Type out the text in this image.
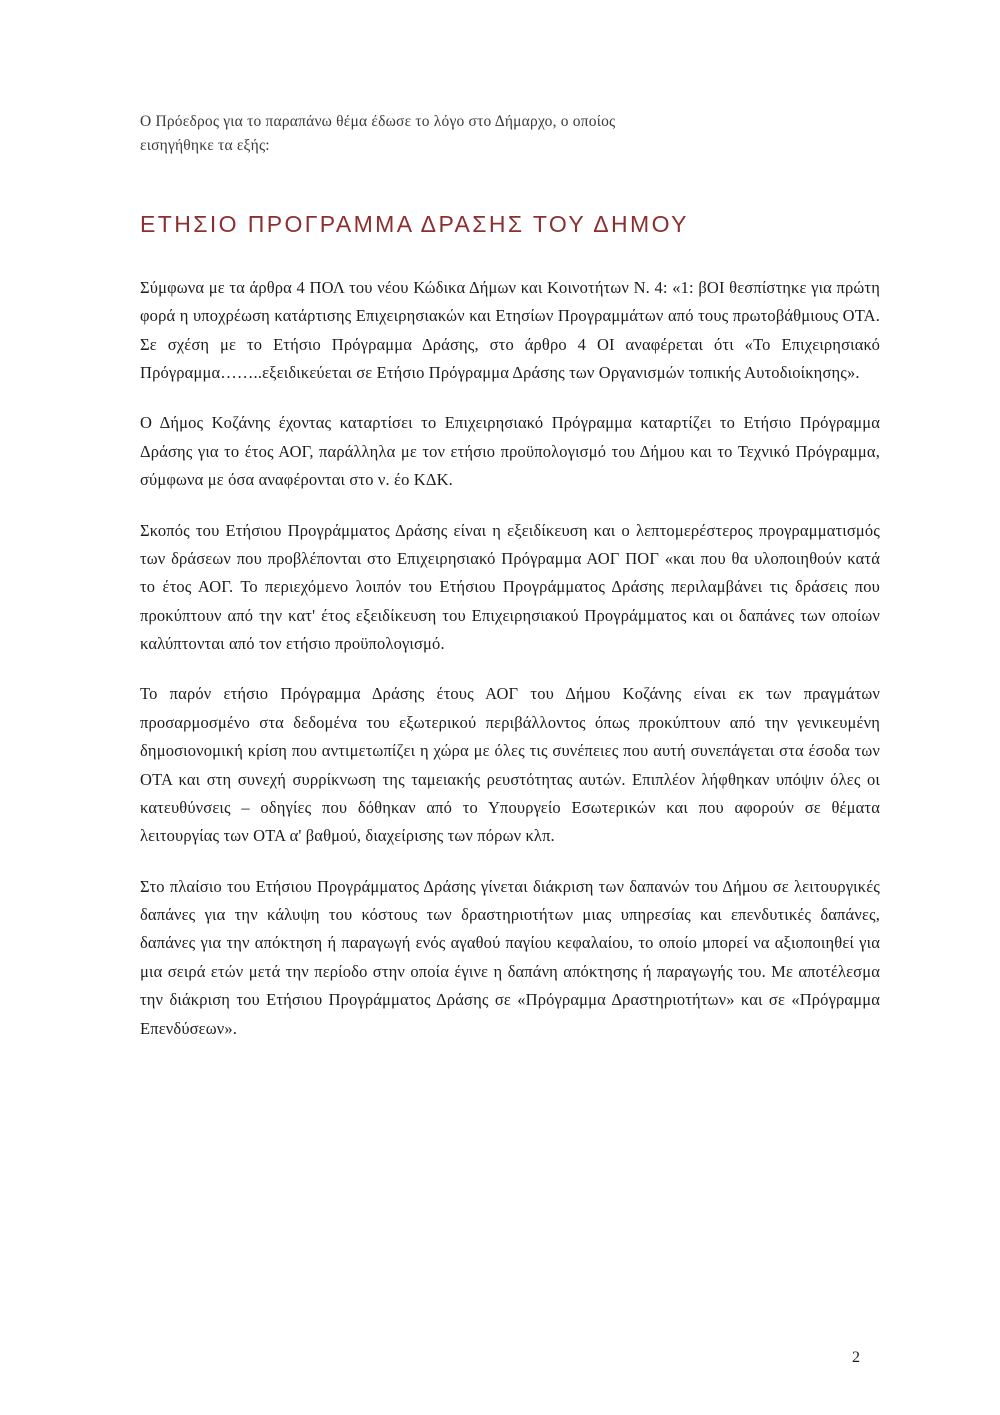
Ο Πρόεδρος για το παραπάνω θέμα έδωσε το λόγο στο Δήμαρχο, ο οποίος
εισηγήθηκε τα εξής:
ΕΤΗΣΙΟ ΠΡΟΓΡΑΜΜΑ ΔΡΑΣΗΣ ΤΟΥ ΔΗΜΟΥ

Σύμφωνα με τα άρθρα 4 ΠΟΛ του νέου Κώδικα Δήμων και Κοινοτήτων Ν. 4: «1: βΟΙ θεσπίστηκε για πρώτη φορά η υποχρέωση κατάρτισης Επιχειρησιακών και Ετησίων Προγραμμάτων από τους πρωτοβάθμιους ΟΤΑ. Σε σχέση με το Ετήσιο Πρόγραμμα Δράσης, στο άρθρο 4 ΟΙ αναφέρεται ότι «Το Επιχειρησιακό Πρόγραμμα……..εξειδικεύεται σε Ετήσιο Πρόγραμμα Δράσης των Οργανισμών τοπικής Αυτοδιοίκησης».

Ο Δήμος Κοζάνης έχοντας καταρτίσει το Επιχειρησιακό Πρόγραμμα καταρτίζει το Ετήσιο Πρόγραμμα Δράσης για το έτος ΑΟΓ, παράλληλα με τον ετήσιο προϋπολογισμό του Δήμου και το Τεχνικό Πρόγραμμα, σύμφωνα με όσα αναφέρονται στο ν. έο ΚΔΚ.

Σκοπός του Ετήσιου Προγράμματος Δράσης είναι η εξειδίκευση και ο λεπτομερέστερος προγραμματισμός των δράσεων που προβλέπονται στο Επιχειρησιακό Πρόγραμμα ΑΟΓ ΠΟΓ «και που θα υλοποιηθούν κατά το έτος ΑΟΓ. Το περιεχόμενο λοιπόν του Ετήσιου Προγράμματος Δράσης περιλαμβάνει τις δράσεις που προκύπτουν από την κατ' έτος εξειδίκευση του Επιχειρησιακού Προγράμματος και οι δαπάνες των οποίων καλύπτονται από τον ετήσιο προϋπολογισμό.

Το παρόν ετήσιο Πρόγραμμα Δράσης έτους ΑΟΓ του Δήμου Κοζάνης είναι εκ των πραγμάτων προσαρμοσμένο στα δεδομένα του εξωτερικού περιβάλλοντος όπως προκύπτουν από την γενικευμένη δημοσιονομική κρίση που αντιμετωπίζει η χώρα με όλες τις συνέπειες που αυτή συνεπάγεται στα έσοδα των ΟΤΑ και στη συνεχή συρρίκνωση της ταμειακής ρευστότητας αυτών. Επιπλέον λήφθηκαν υπόψιν όλες οι κατευθύνσεις – οδηγίες που δόθηκαν από το Υπουργείο Εσωτερικών και που αφορούν σε θέματα λειτουργίας των ΟΤΑ α' βαθμού, διαχείρισης των πόρων κλπ.

Στο πλαίσιο του Ετήσιου Προγράμματος Δράσης γίνεται διάκριση των δαπανών του Δήμου σε λειτουργικές δαπάνες για την κάλυψη του κόστους των δραστηριοτήτων μιας υπηρεσίας και επενδυτικές δαπάνες, δαπάνες για την απόκτηση ή παραγωγή ενός αγαθού παγίου κεφαλαίου, το οποίο μπορεί να αξιοποιηθεί για μια σειρά ετών μετά την περίοδο στην οποία έγινε η δαπάνη απόκτησης ή παραγωγής του. Με αποτέλεσμα την διάκριση του Ετήσιου Προγράμματος Δράσης σε «Πρόγραμμα Δραστηριοτήτων» και σε «Πρόγραμμα Επενδύσεων».

2
